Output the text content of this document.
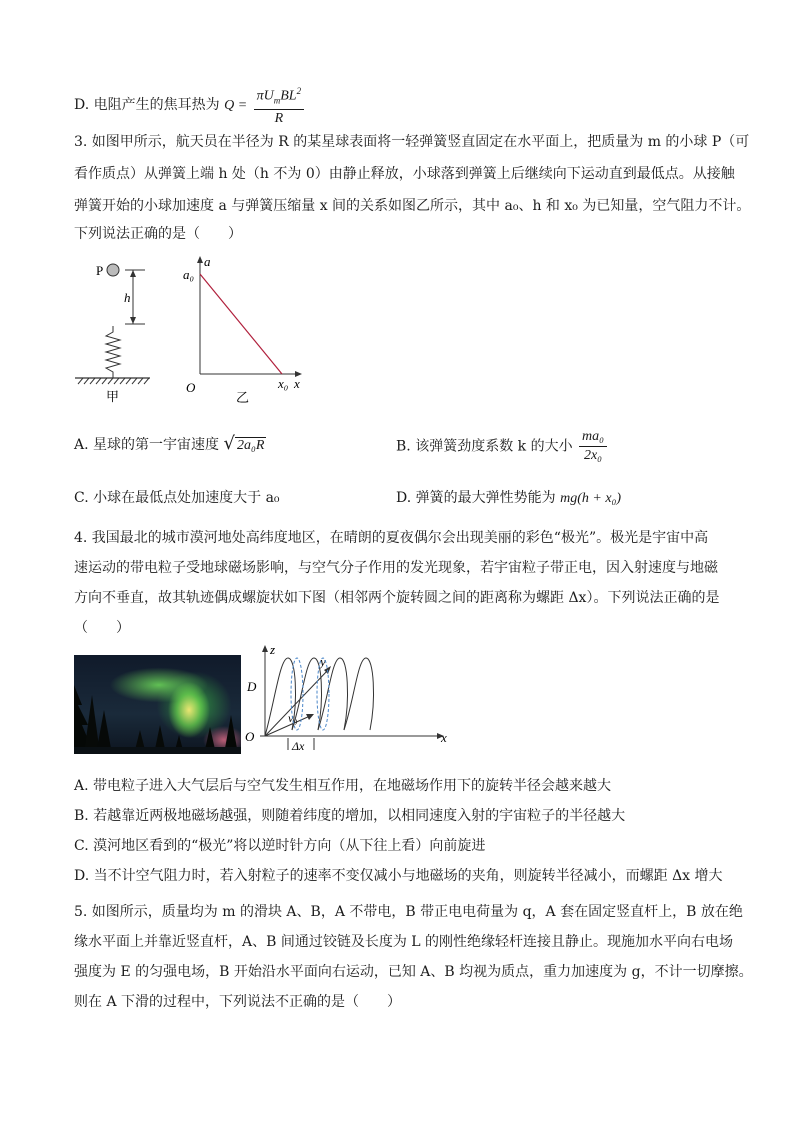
D. 电阻产生的焦耳热为 $Q = \frac{\pi U_mBL^2}{R}$
3. 如图甲所示，航天员在半径为 R 的某星球表面将一轻弹簧竖直固定在水平面上，把质量为 m 的小球 P（可
看作质点）从弹簧上端 h 处（h 不为 0）由静止释放，小球落到弹簧上后继续向下运动直到最低点。从接触
弹簧开始的小球加速度 a 与弹簧压缩量 x 间的关系如图乙所示，其中 a₀、h 和 x₀ 为已知量，空气阻力不计。
下列说法正确的是（　　）
P
h
甲
a
a₀
O	x₀ x
乙
A. 星球的第一宇宙速度 √ 2a₀R	B. 该弹簧劲度系数 k 的大小 $\frac{\text{ma₀}}{\text{2x₀}}$
C. 小球在最低点处加速度大于 a₀	D. 弹簧的最大弹性势能为 mg(h + x₀)
4. 我国最北的城市漠河地处高纬度地区，在晴朗的夏夜偶尔会出现美丽的彩色“极光”。极光是宇宙中高
速运动的带电粒子受地球磁场影响，与空气分子作用的发光现象，若宇宙粒子带正电，因入射速度与地磁
方向不垂直，故其轨迹偶成螺旋状如下图（相邻两个旋转圆之间的距离称为螺距 Δx）。下列说法正确的是
（　　）
z
x
y
v₀
D
O
Δx
A. 带电粒子进入大气层后与空气发生相互作用，在地磁场作用下的旋转半径会越来越大
B. 若越靠近两极地磁场越强，则随着纬度的增加，以相同速度入射的宇宙粒子的半径越大
C. 漠河地区看到的“极光”将以逆时针方向（从下往上看）向前旋进
D. 当不计空气阻力时，若入射粒子的速率不变仅减小与地磁场的夹角，则旋转半径减小，而螺距 Δx 增大
5. 如图所示，质量均为 m 的滑块 A、B，A 不带电，B 带正电电荷量为 q，A 套在固定竖直杆上，B 放在绝
缘水平面上并靠近竖直杆，A、B 间通过铰链及长度为 L 的刚性绝缘轻杆连接且静止。现施加水平向右电场
强度为 E 的匀强电场，B 开始沿水平面向右运动，已知 A、B 均视为质点，重力加速度为 g，不计一切摩擦。
则在 A 下滑的过程中，下列说法不正确的是（　　）
